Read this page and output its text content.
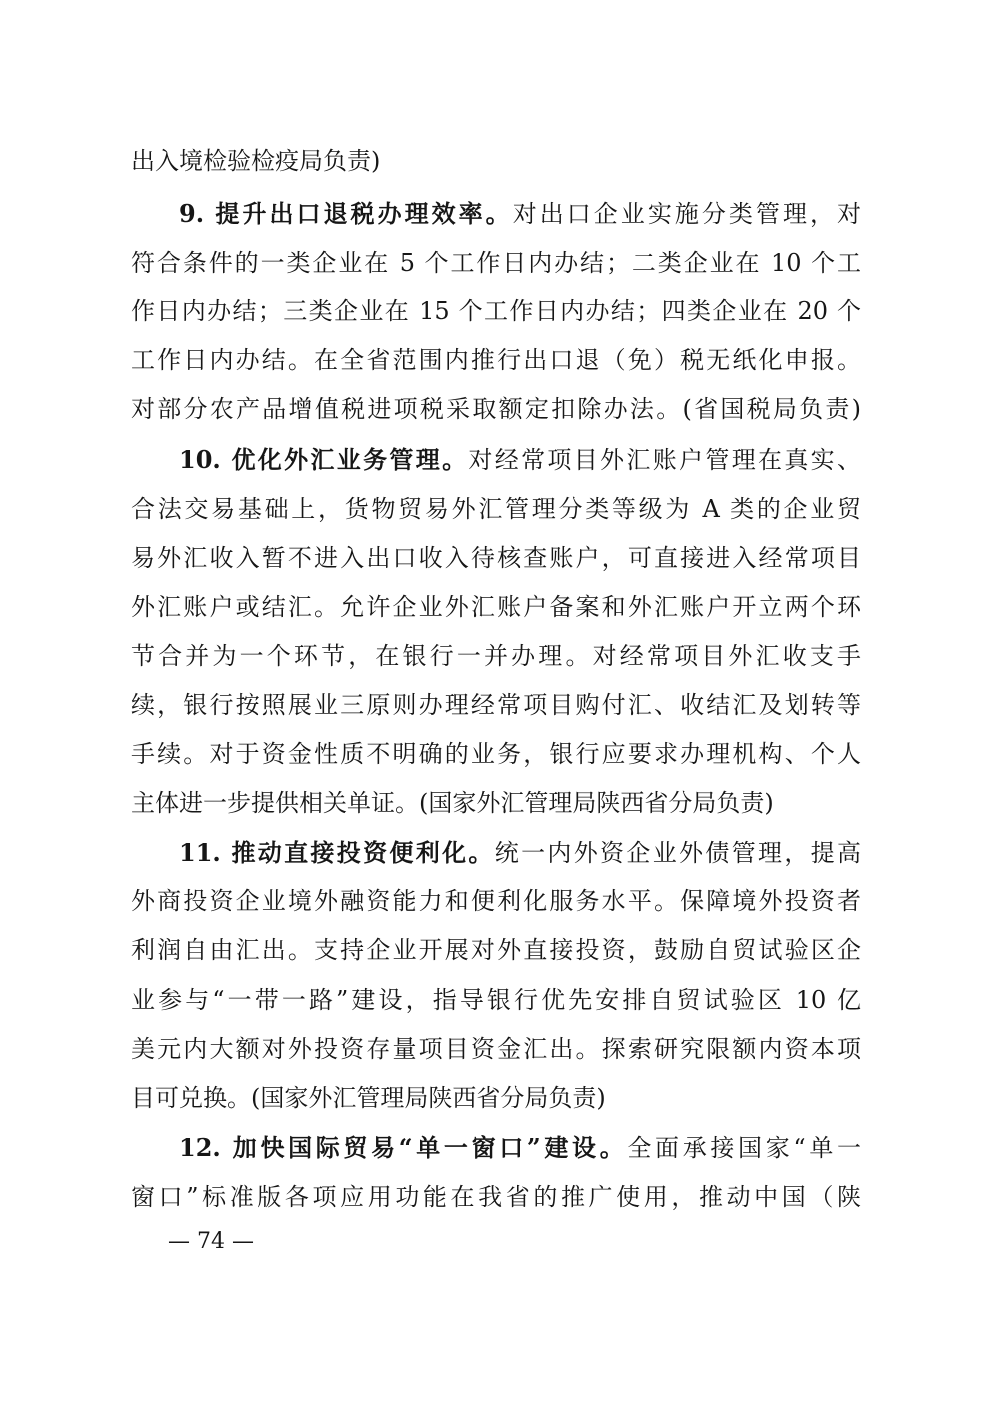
出入境检验检疫局负责)
9. 提升出口退税办理效率。对出口企业实施分类管理，对
符合条件的一类企业在 5 个工作日内办结；二类企业在 10 个工
作日内办结；三类企业在 15 个工作日内办结；四类企业在 20 个
工作日内办结。在全省范围内推行出口退（免）税无纸化申报。
对部分农产品增值税进项税采取额定扣除办法。(省国税局负责)
10. 优化外汇业务管理。对经常项目外汇账户管理在真实、
合法交易基础上，货物贸易外汇管理分类等级为 A 类的企业贸
易外汇收入暂不进入出口收入待核查账户，可直接进入经常项目
外汇账户或结汇。允许企业外汇账户备案和外汇账户开立两个环
节合并为一个环节，在银行一并办理。对经常项目外汇收支手
续，银行按照展业三原则办理经常项目购付汇、收结汇及划转等
手续。对于资金性质不明确的业务，银行应要求办理机构、个人
主体进一步提供相关单证。(国家外汇管理局陕西省分局负责)
11. 推动直接投资便利化。统一内外资企业外债管理，提高
外商投资企业境外融资能力和便利化服务水平。保障境外投资者
利润自由汇出。支持企业开展对外直接投资，鼓励自贸试验区企
业参与“一带一路”建设，指导银行优先安排自贸试验区 10 亿
美元内大额对外投资存量项目资金汇出。探索研究限额内资本项
目可兑换。(国家外汇管理局陕西省分局负责)
12. 加快国际贸易“单一窗口”建设。全面承接国家“单一
窗口”标准版各项应用功能在我省的推广使用，推动中国（陕
— 74 —
